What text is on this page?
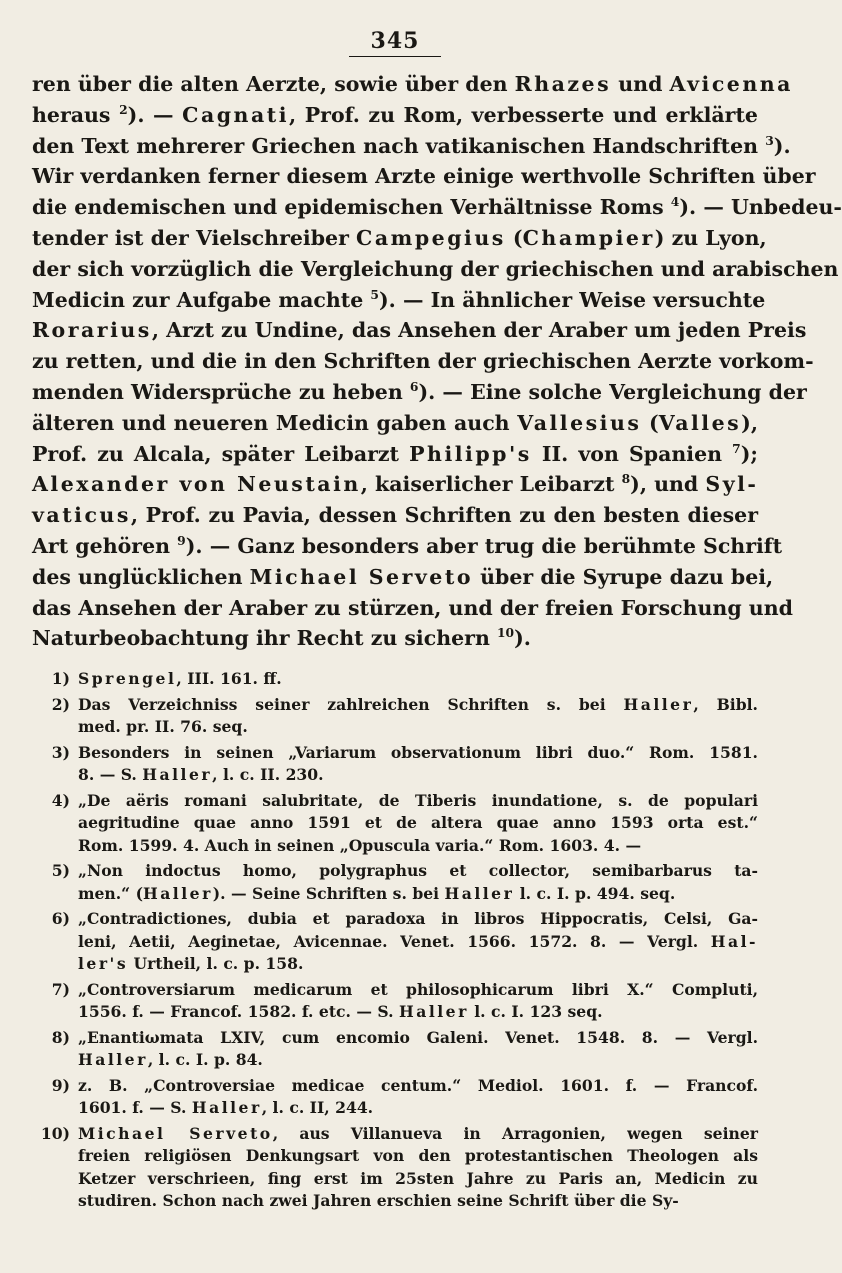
345
ren über die alten Aerzte, sowie über den Rhazes und Avicenna
heraus $^2$). — Cagnati, Prof. zu Rom, verbesserte und erklärte
den Text mehrerer Griechen nach vatikanischen Handschriften $^3$).
Wir verdanken ferner diesem Arzte einige werthvolle Schriften über
die endemischen und epidemischen Verhältnisse Roms $^4$). — Unbedeu-
tender ist der Vielschreiber Campegius (Champier) zu Lyon,
der sich vorzüglich die Vergleichung der griechischen und arabischen
Medicin zur Aufgabe machte $^5$). — In ähnlicher Weise versuchte
Rorarius, Arzt zu Undine, das Ansehen der Araber um jeden Preis
zu retten, und die in den Schriften der griechischen Aerzte vorkom-
menden Widersprüche zu heben $^6$). — Eine solche Vergleichung der
älteren und neueren Medicin gaben auch Vallesius (Valles),
Prof. zu Alcala, später Leibarzt Philipp's II. von Spanien $^7$);
Alexander von Neustain, kaiserlicher Leibarzt $^8$), und Syl-
vaticus, Prof. zu Pavia, dessen Schriften zu den besten dieser
Art gehören $^9$). — Ganz besonders aber trug die berühmte Schrift
des unglücklichen Michael Serveto über die Syrupe dazu bei,
das Ansehen der Araber zu stürzen, und der freien Forschung und
Naturbeobachtung ihr Recht zu sichern $^{10}$).
1) Sprengel, III. 161. ff.
2) Das Verzeichniss seiner zahlreichen Schriften s. bei Haller, Bibl.
med. pr. II. 76. seq.
3) Besonders in seinen „Variarum observationum libri duo.“ Rom. 1581.
8. — S. Haller, l. c. II. 230.
4) „De aëris romani salubritate, de Tiberis inundatione, s. de populari
aegritudine quae anno 1591 et de altera quae anno 1593 orta est.“
Rom. 1599. 4. Auch in seinen „Opuscula varia.“ Rom. 1603. 4. —
5) „Non indoctus homo, polygraphus et collector, semibarbarus ta-
men.“ (Haller). — Seine Schriften s. bei Haller l. c. I. p. 494. seq.
6) „Contradictiones, dubia et paradoxa in libros Hippocratis, Celsi, Ga-
leni, Aetii, Aeginetae, Avicennae. Venet. 1566. 1572. 8. — Vergl. Hal-
ler's Urtheil, l. c. p. 158.
7) „Controversiarum medicarum et philosophicarum libri X.“ Compluti,
1556. f. — Francof. 1582. f. etc. — S. Haller l. c. I. 123 seq.
8) „Enantiωmata LXIV, cum encomio Galeni. Venet. 1548. 8. — Vergl.
Haller, l. c. I. p. 84.
9) z. B. „Controversiae medicae centum.“ Mediol. 1601. f. — Francof.
1601. f. — S. Haller, l. c. II, 244.
10) Michael Serveto, aus Villanueva in Arragonien, wegen seiner
freien religiösen Denkungsart von den protestantischen Theologen als
Ketzer verschrieen, fing erst im 25sten Jahre zu Paris an, Medicin zu
studiren. Schon nach zwei Jahren erschien seine Schrift über die Sy-
